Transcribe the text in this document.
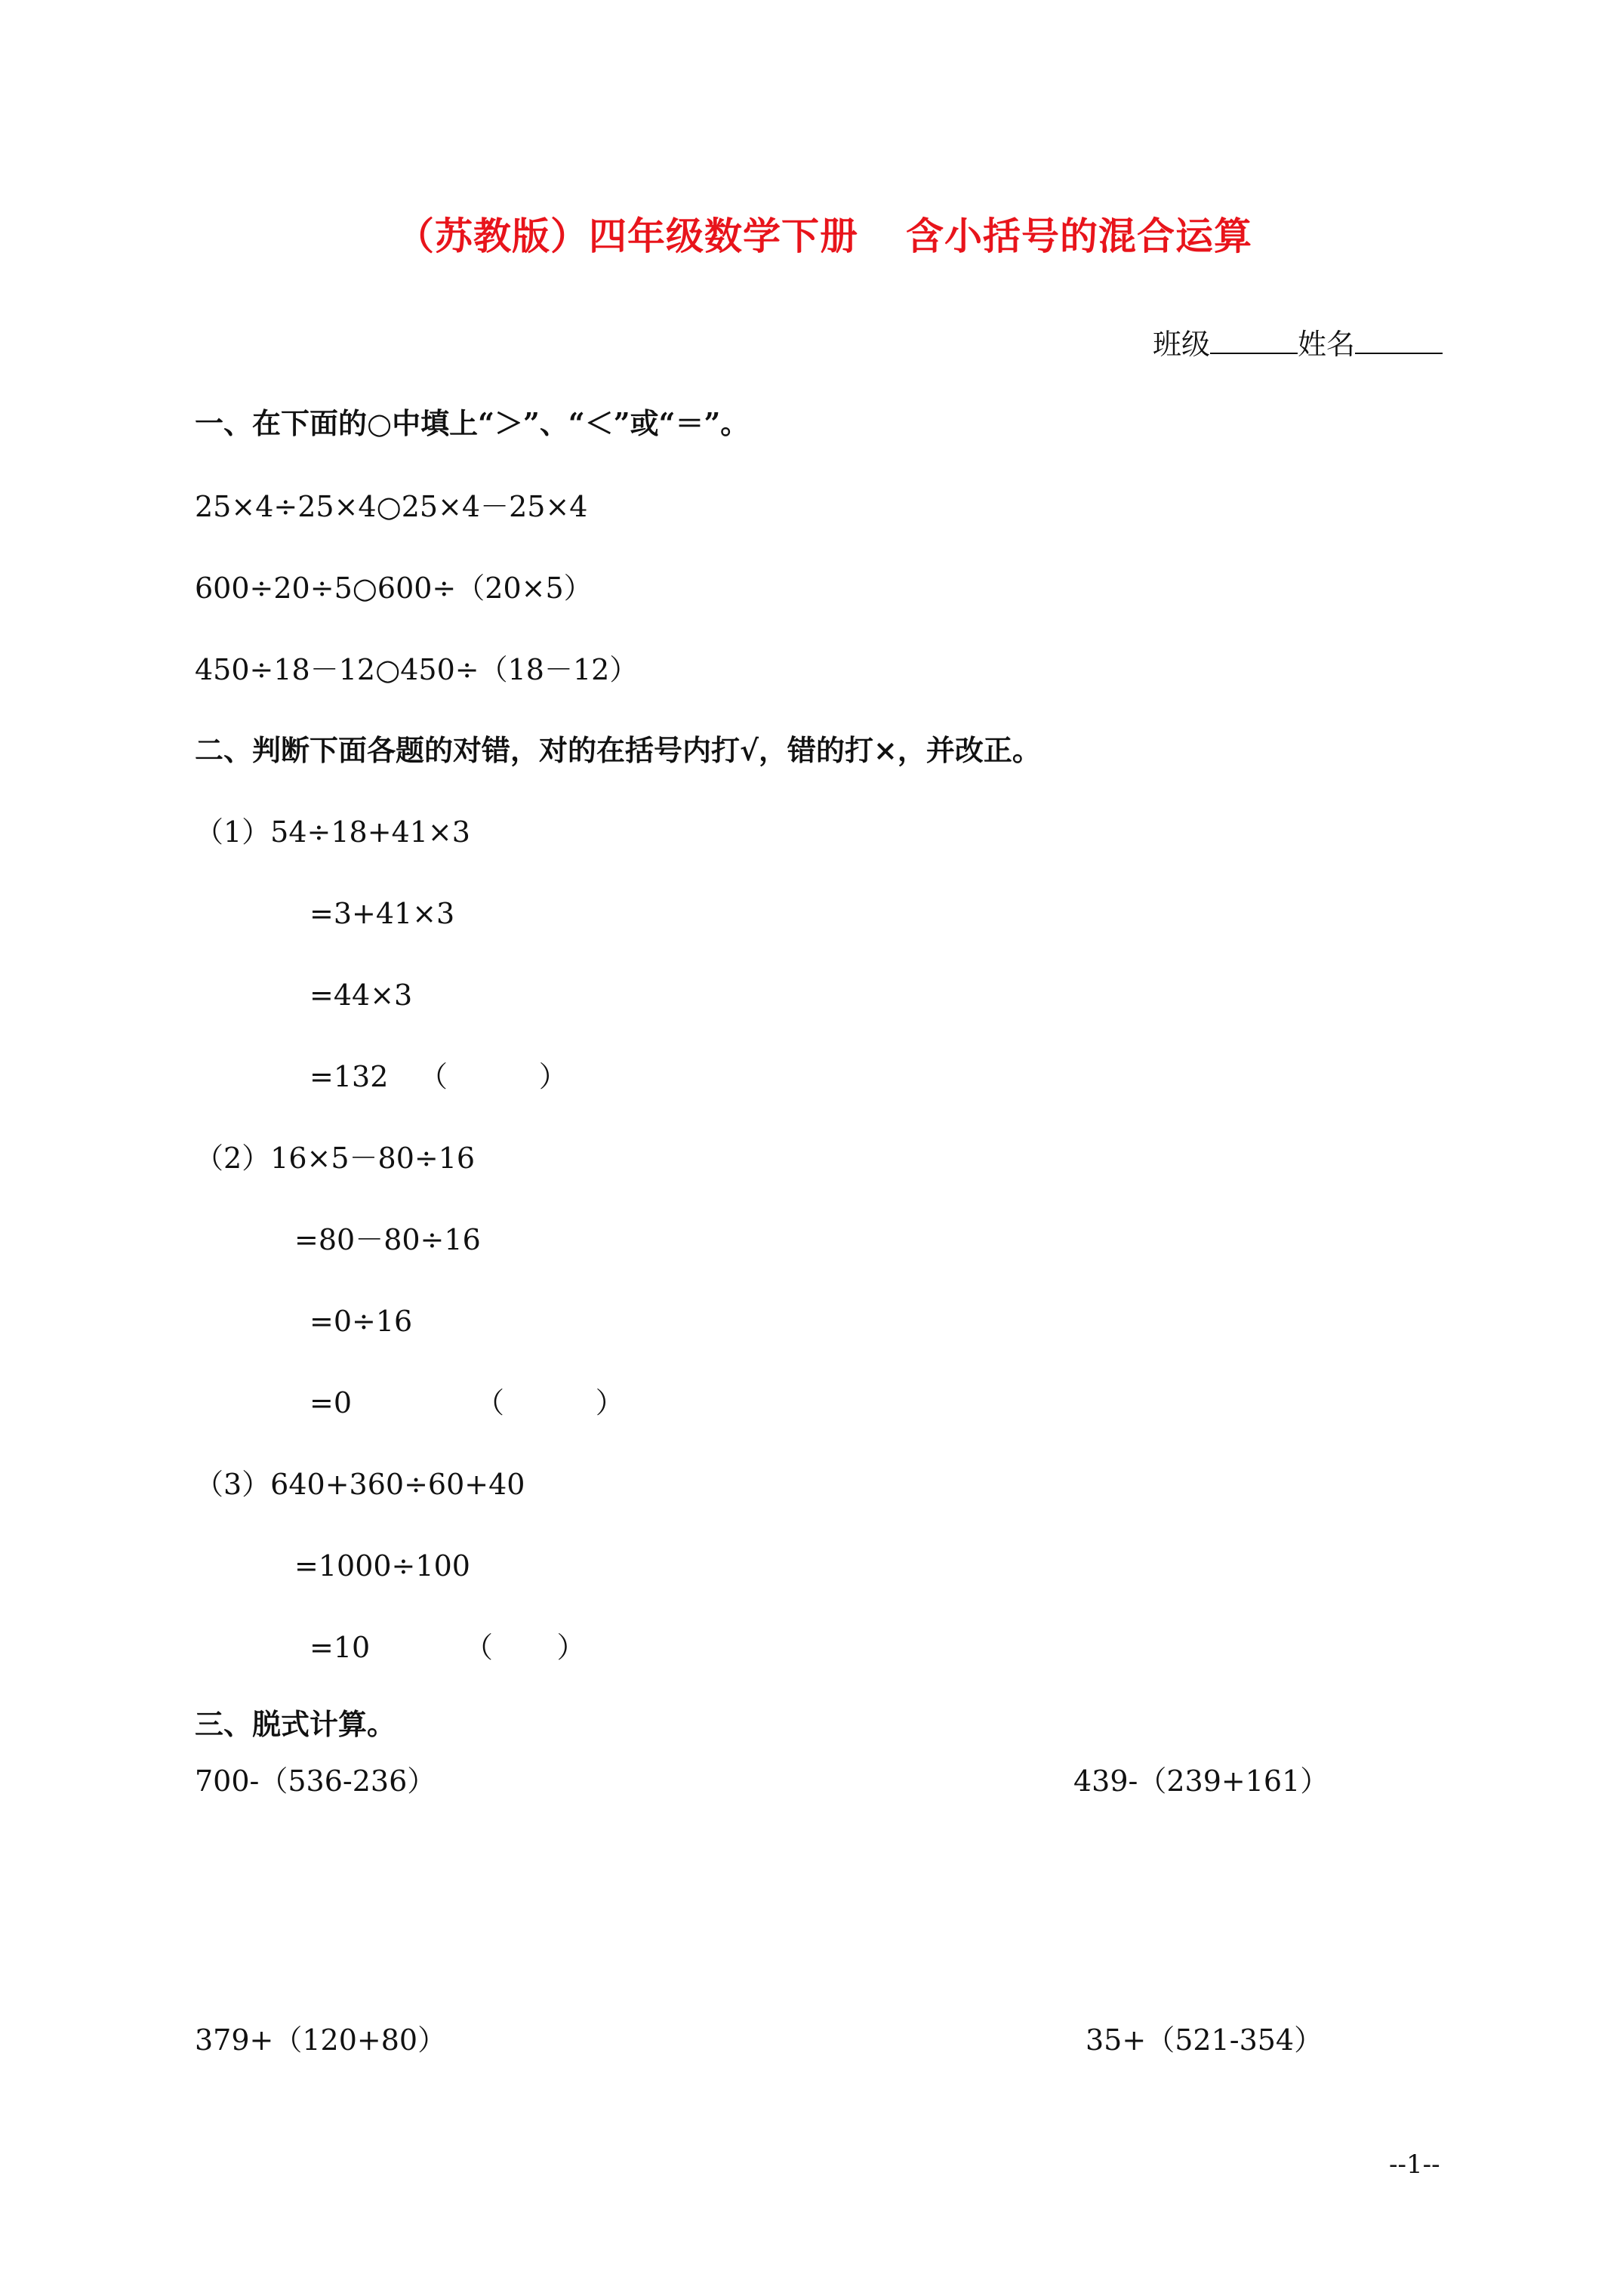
（苏教版）四年级数学下册 含小括号的混合运算
班级	姓名
一、在下面的○中填上“＞”、“＜”或“＝”。
25×4÷25×4○25×4－25×4
600÷20÷5○600÷（20×5）
450÷18－12○450÷（18－12）
二、判断下面各题的对错，对的在括号内打√，错的打×，并改正。
（1）54÷18+41×3
=3+41×3
=44×3
=132 （          ）
（2）16×5－80÷16
=80－80÷16
=0÷16
=0	（          ）
（3）640+360÷60+40
=1000÷100
=10	（       ）
三、脱式计算。
700-（536-236）	439-（239+161）
379+（120+80）	35+（521-354）
--1--
